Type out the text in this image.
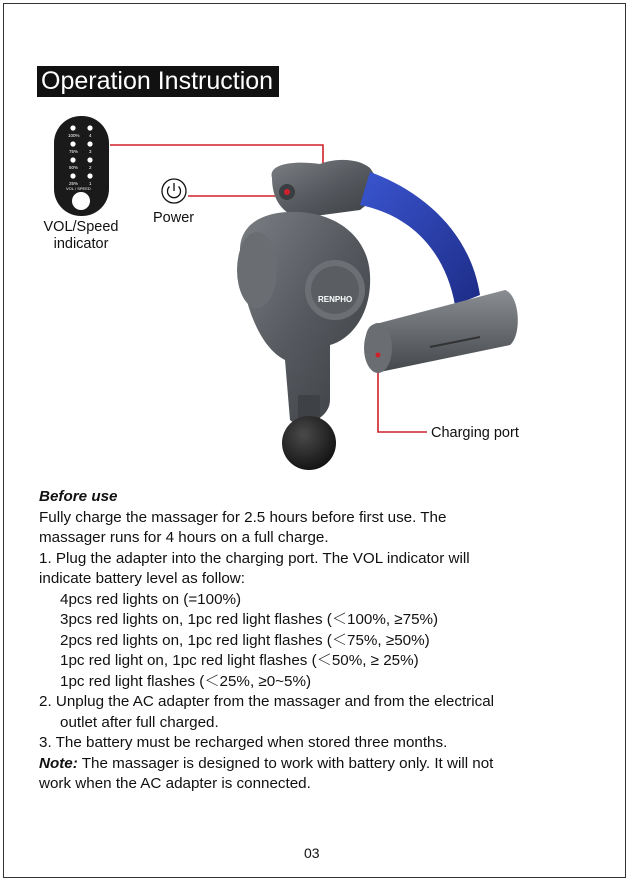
Operation Instruction
100%
75%
50%
25%
4
3
2
1
VOL / SPEED
RENPHO
VOL/Speed
indicator
Power
Charging port
Before use
Fully charge the massager for 2.5 hours before first use. The
massager runs for 4 hours on a full charge.
1. Plug the adapter into the charging port. The VOL indicator will
indicate battery level as follow:
4pcs red lights on (=100%)
3pcs red lights on, 1pc red light flashes (＜100%, ≥75%)
2pcs red lights on, 1pc red light flashes (＜75%, ≥50%)
1pc red light on, 1pc red light flashes (＜50%, ≥ 25%)
1pc red light flashes (＜25%, ≥0~5%)
2. Unplug the AC adapter from the massager and from the electrical
outlet after full charged.
3. The battery must be recharged when stored three months.
Note: The massager is designed to work with battery only. It will not
work when the AC adapter is connected.
03
